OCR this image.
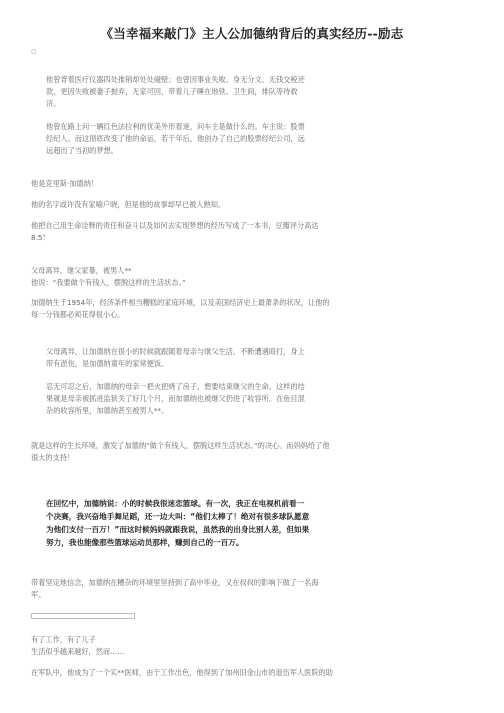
《当幸福来敲门》主人公加德纳背后的真实经历--励志
○

他曾背着医疗仪器四处推销却处处碰壁；也曾因事业失败、身无分文、无钱交税还
款、更因失败被妻子抛弃，无家可回，带着儿子睡在地铁、卫生间，排队等待救
济。

他曾在路上问一辆红色法拉利的优美外形着迷，问车主是做什么的。车主说：股票
经纪人。而这彻底改变了他的命运，若干年后，他创办了自己的股票经纪公司，远
远超出了当初的梦想。

他是克里斯·加德纳！

他的名字或许没有家喻户晓，但是他的故事却早已被人熟知。

他把自己用生命诠释的责任和奋斗以及如何去实现梦想的经历写成了一本书，豆瓣评分高达
8.5！

父母离异，继父家暴，被男人**
他说：“我要做个有钱人，摆脱这样的生活状态。”

加德纳生于1954年，经济条件相当糟糕的家庭环境，以及美国经济史上最萧条的状况，让他的
每一分钱都必须花得很小心。

父母离异，让加德纳在很小的时候就跟随着母亲与继父生活，不断遭遇殴打，身上
带有淤伤，是加德纳童年的家常便饭。

忍无可忍之后，加德纳的母亲一把火把烧了房子，想要结束继父的生命。这样的结
果就是母亲被抓进监狱关了好几个月，而加德纳也被继父扔进了收容所。在鱼目混
杂的收容所里，加德纳甚至被男人**。

就是这样的生长环境，激发了加德纳“做个有钱人，摆脱这样生活状态。”的决心。而妈妈给了他
很大的支持！

在回忆中，加德纳说：小的时候我很迷恋篮球。有一次，我正在电视机前看一
个决赛，我兴奋地手舞足蹈，还一边大叫：“他们太棒了！绝对有很多球队愿意
为他们支付一百万！”而这时候妈妈就跟我说，虽然我的出身比别人差，但如果
努力，我也能像那些篮球运动员那样，赚到自己的一百万。

带着坚定地信念，加德纳在糟杂的环境里坚持到了高中毕业，又在叔叔的影响下做了一名海
军。

有了工作，有了儿子
生活似乎越来越好，然而……

在军队中，他成为了一个实**医师，由于工作出色，他得到了加州旧金山市的退伍军人医院的助
